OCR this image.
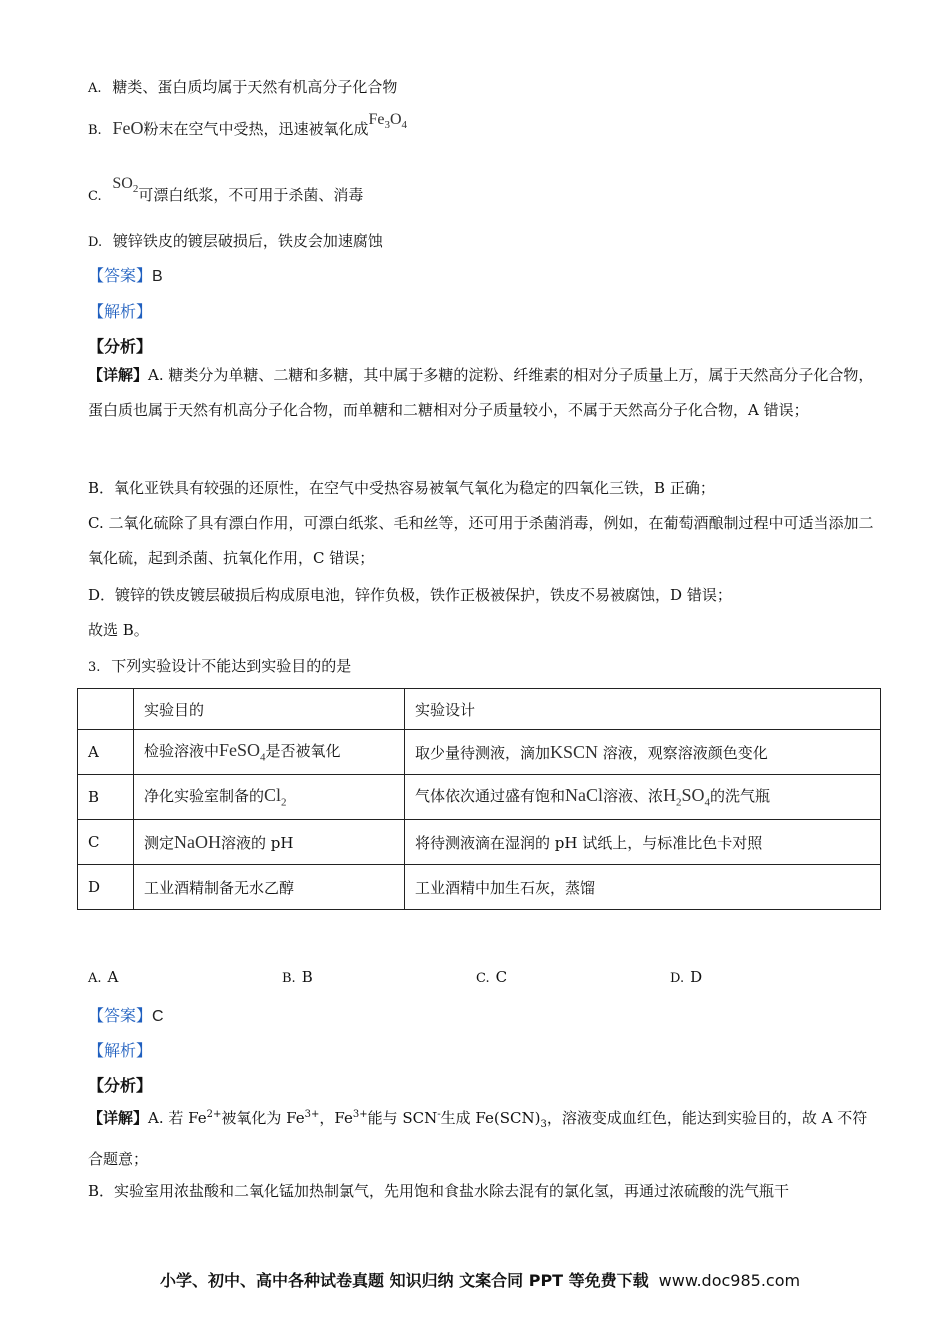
A. 糖类、蛋白质均属于天然有机高分子化合物
B. FeO粉末在空气中受热，迅速被氧化成$Fe_3O_4$
C. $SO_2$可漂白纸浆，不可用于杀菌、消毒
D. 镀锌铁皮的镀层破损后，铁皮会加速腐蚀
【答案】B
【解析】
【分析】
【详解】A. 糖类分为单糖、二糖和多糖，其中属于多糖的淀粉、纤维素的相对分子质量上万，属于天然高分子化合物，蛋白质也属于天然有机高分子化合物，而单糖和二糖相对分子质量较小，不属于天然高分子化合物，A 错误；
B．氧化亚铁具有较强的还原性，在空气中受热容易被氧气氧化为稳定的四氧化三铁，B 正确；
C. 二氧化硫除了具有漂白作用，可漂白纸浆、毛和丝等，还可用于杀菌消毒，例如，在葡萄酒酿制过程中可适当添加二氧化硫，起到杀菌、抗氧化作用，C 错误；
D．镀锌的铁皮镀层破损后构成原电池，锌作负极，铁作正极被保护，铁皮不易被腐蚀，D 错误；
故选 B。
3. 下列实验设计不能达到实验目的的是
	实验目的	实验设计
A	检验溶液中FeSO$_4$是否被氧化	取少量待测液，滴加KSCN 溶液，观察溶液颜色变化
B	净化实验室制备的$Cl_2$	气体依次通过盛有饱和NaCl溶液、浓$H_2SO_4$的洗气瓶
C	测定NaOH溶液的 pH	将待测液滴在湿润的 pH 试纸上，与标准比色卡对照
D	工业酒精制备无水乙醇	工业酒精中加生石灰，蒸馏
A. A	B. B	C. C	D. D
【答案】C
【解析】
【分析】
【详解】A. 若 $Fe^{2+}$被氧化为 $Fe^{3+}$，$Fe^{3+}$能与 SCN-生成 $Fe(SCN)_3$，溶液变成血红色，能达到实验目的，故 A 不符合题意；
B．实验室用浓盐酸和二氧化锰加热制氯气，先用饱和食盐水除去混有的氯化氢，再通过浓硫酸的洗气瓶干
小学、初中、高中各种试卷真题 知识归纳 文案合同 PPT 等免费下载 www.doc985.com
